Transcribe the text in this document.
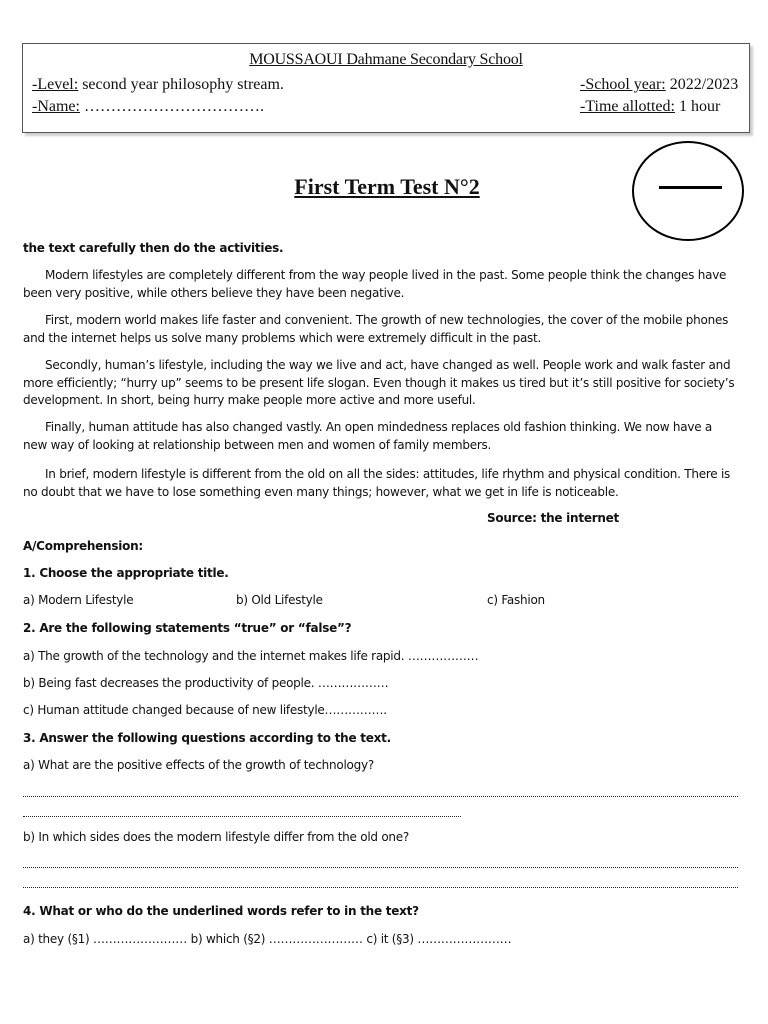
MOUSSAOUI Dahmane Secondary School
-Level: second year philosophy stream.
-Name: …………………………….
-School year: 2022/2023
-Time allotted: 1 hour
First Term Test N°2
the text carefully then do the activities.
Modern lifestyles are completely different from the way people lived in the past. Some people think the changes have been very positive, while others believe they have been negative.
First, modern world makes life faster and convenient. The growth of new technologies, the cover of the mobile phones and the internet helps us solve many problems which were extremely difficult in the past.
Secondly, human’s lifestyle, including the way we live and act, have changed as well. People work and walk faster and more efficiently; “hurry up” seems to be present life slogan. Even though it makes us tired but it’s still positive for society’s development. In short, being hurry make people more active and more useful.
Finally, human attitude has also changed vastly. An open mindedness replaces old fashion thinking. We now have a new way of looking at relationship between men and women of family members.
In brief, modern lifestyle is different from the old on all the sides: attitudes, life rhythm and physical condition. There is no doubt that we have to lose something even many things; however, what we get in life is noticeable.
Source: the internet
A/Comprehension:
1. Choose the appropriate title.
a) Modern Lifestyle	b) Old Lifestyle	c) Fashion
2. Are the following statements “true” or “false”?
a) The growth of the technology and the internet makes life rapid. ………………
b) Being fast decreases the productivity of people. ………………
c) Human attitude changed because of new lifestyle…………….
3. Answer the following questions according to the text.
a) What are the positive effects of the growth of technology?
b) In which sides does the modern lifestyle differ from the old one?
4. What or who do the underlined words refer to in the text?
a) they (§1) …………………… b) which (§2) …………………… c) it (§3) ……………………
